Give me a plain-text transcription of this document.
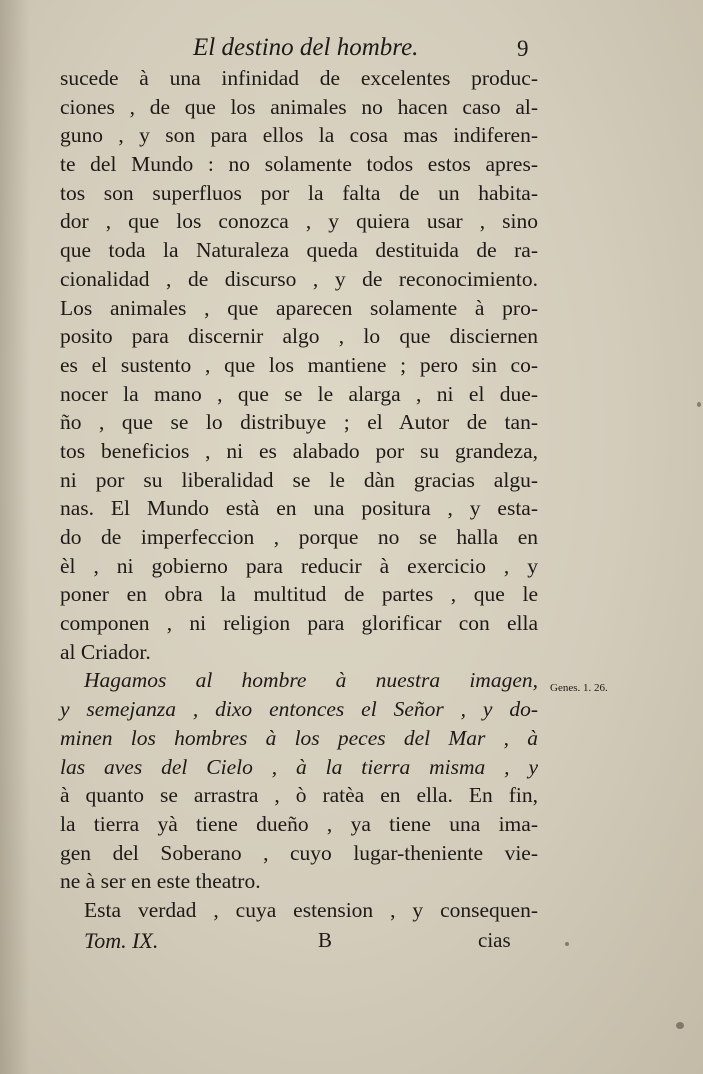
El destino del hombre.	9
sucede à una infinidad de excelentes produc-
ciones , de que los animales no hacen caso al-
guno , y son para ellos la cosa mas indiferen-
te del Mundo : no solamente todos estos apres-
tos son superfluos por la falta de un habita-
dor , que los conozca , y quiera usar , sino
que toda la Naturaleza queda destituida de ra-
cionalidad , de discurso , y de reconocimiento.
Los animales , que aparecen solamente à pro-
posito para discernir algo , lo que disciernen
es el sustento , que los mantiene ; pero sin co-
nocer la mano , que se le alarga , ni el due-
ño , que se lo distribuye ; el Autor de tan-
tos beneficios , ni es alabado por su grandeza,
ni por su liberalidad se le dàn gracias algu-
nas. El Mundo està en una positura , y esta-
do de imperfeccion , porque no se halla en
èl , ni gobierno para reducir à exercicio , y
poner en obra la multitud de partes , que le
componen , ni religion para glorificar con ella
al Criador.
Hagamos al hombre à nuestra imagen,
y semejanza , dixo entonces el Señor , y do-
minen los hombres à los peces del Mar , à
las aves del Cielo , à la tierra misma , y
à quanto se arrastra , ò ratèa en ella. En fin,
la tierra yà tiene dueño , ya tiene una ima-
gen del Soberano , cuyo lugar-theniente vie-
ne à ser en este theatro.
Esta verdad , cuya estension , y consequen-
Genes. 1. 26.
Tom. IX.	B	cias
